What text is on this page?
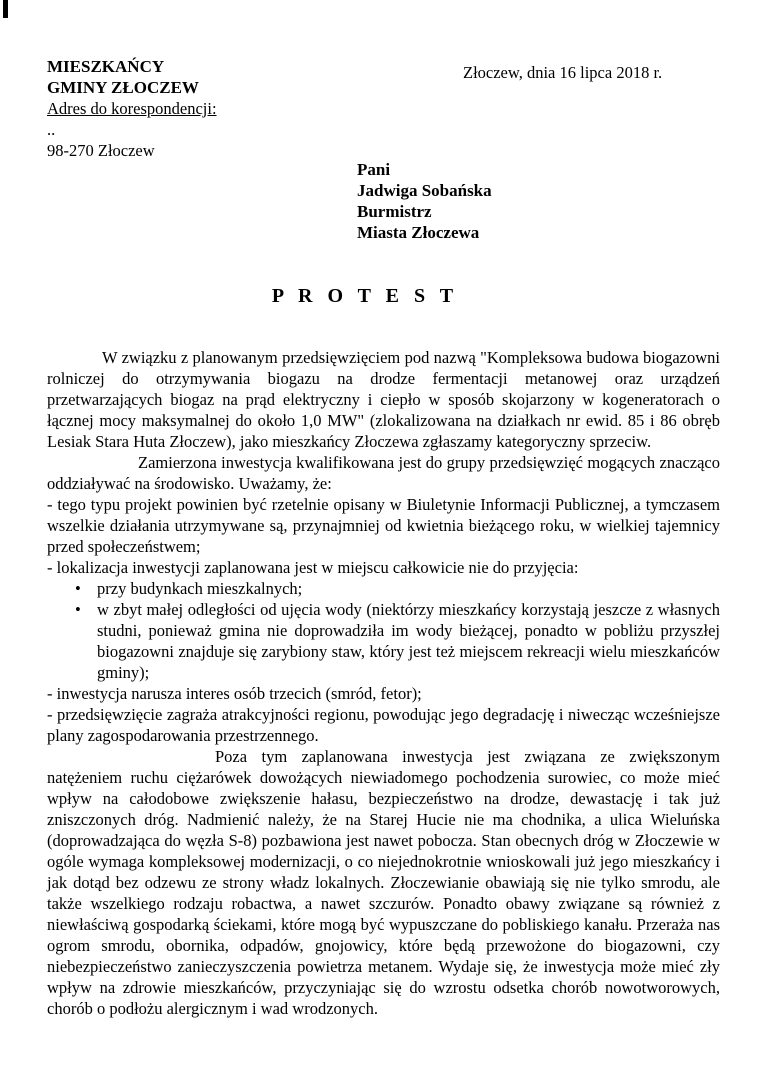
MIESZKAŃCY
GMINY ZŁOCZEW
Adres do korespondencji:
..
98-270 Złoczew
Złoczew, dnia 16 lipca 2018 r.
Pani
Jadwiga Sobańska
Burmistrz
Miasta Złoczewa
P R O T E S T

W związku z planowanym przedsięwzięciem pod nazwą "Kompleksowa budowa biogazowni rolniczej do otrzymywania biogazu na drodze fermentacji metanowej oraz urządzeń przetwarzających biogaz na prąd elektryczny i ciepło w sposób skojarzony w kogeneratorach o łącznej mocy maksymalnej do około 1,0 MW" (zlokalizowana na działkach nr ewid. 85 i 86 obręb Lesiak Stara Huta Złoczew), jako mieszkańcy Złoczewa zgłaszamy kategoryczny sprzeciw.

Zamierzona inwestycja kwalifikowana jest do grupy przedsięwzięć mogących znacząco oddziaływać na środowisko. Uważamy, że:

- tego typu projekt powinien być rzetelnie opisany w Biuletynie Informacji Publicznej, a tymczasem wszelkie działania utrzymywane są, przynajmniej od kwietnia bieżącego roku, w wielkiej tajemnicy przed społeczeństwem;

- lokalizacja inwestycji zaplanowana jest w miejscu całkowicie nie do przyjęcia:

• przy budynkach mieszkalnych;
• w zbyt małej odległości od ujęcia wody (niektórzy mieszkańcy korzystają jeszcze z własnych studni, ponieważ gmina nie doprowadziła im wody bieżącej, ponadto w pobliżu przyszłej biogazowni znajduje się zarybiony staw, który jest też miejscem rekreacji wielu mieszkańców gminy);

- inwestycja narusza interes osób trzecich (smród, fetor);

- przedsięwzięcie zagraża atrakcyjności regionu, powodując jego degradację i niwecząc wcześniejsze plany zagospodarowania przestrzennego.

Poza tym zaplanowana inwestycja jest związana ze zwiększonym natężeniem ruchu ciężarówek dowożących niewiadomego pochodzenia surowiec, co może mieć wpływ na całodobowe zwiększenie hałasu, bezpieczeństwo na drodze, dewastację i tak już zniszczonych dróg. Nadmienić należy, że na Starej Hucie nie ma chodnika, a ulica Wieluńska (doprowadzająca do węzła S-8) pozbawiona jest nawet pobocza. Stan obecnych dróg w Złoczewie w ogóle wymaga kompleksowej modernizacji, o co niejednokrotnie wnioskowali już jego mieszkańcy i jak dotąd bez odzewu ze strony władz lokalnych. Złoczewianie obawiają się nie tylko smrodu, ale także wszelkiego rodzaju robactwa, a nawet szczurów. Ponadto obawy związane są również z niewłaściwą gospodarką ściekami, które mogą być wypuszczane do pobliskiego kanału. Przeraża nas ogrom smrodu, obornika, odpadów, gnojowicy, które będą przewożone do biogazowni, czy niebezpieczeństwo zanieczyszczenia powietrza metanem. Wydaje się, że inwestycja może mieć zły wpływ na zdrowie mieszkańców, przyczyniając się do wzrostu odsetka chorób nowotworowych, chorób o podłożu alergicznym i wad wrodzonych.
